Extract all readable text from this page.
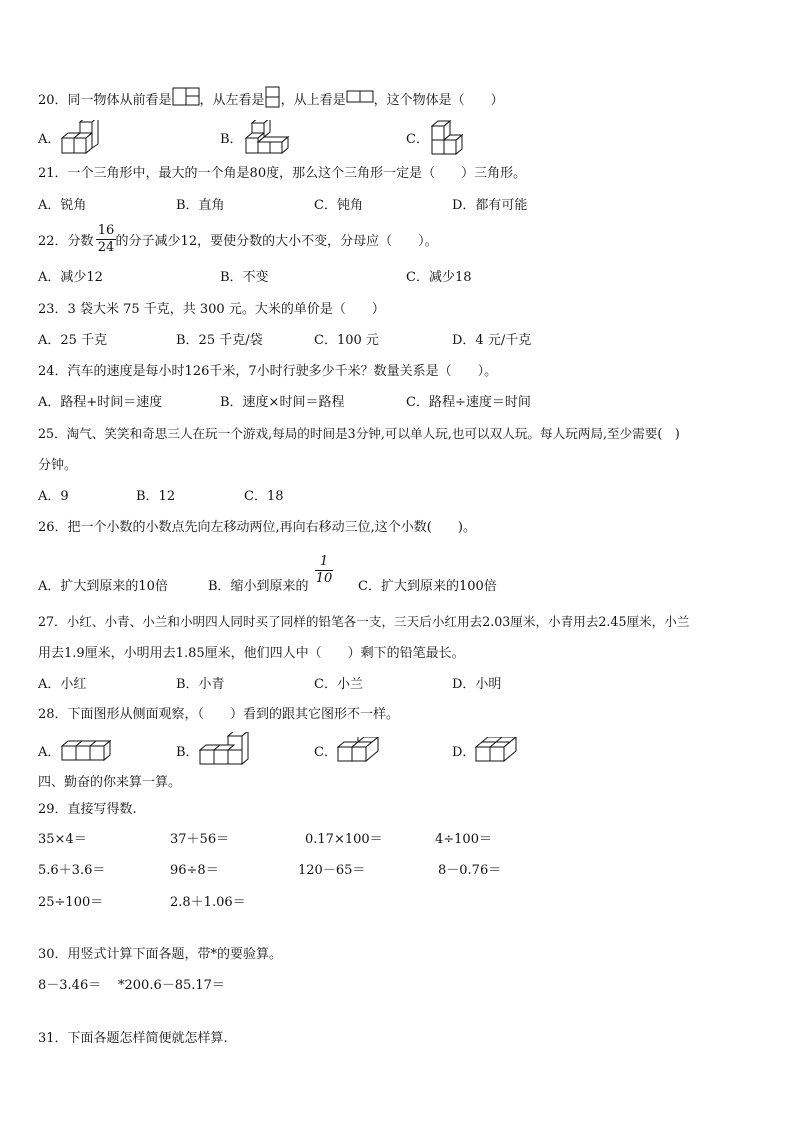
20．同一物体从前看是 ，从左看是 ，从上看是 ，这个物体是（　　）
A．	B．	C．
21．一个三角形中，最大的一个角是80度，那么这个三角形一定是（　　）三角形。
A．锐角	B．直角	C．钝角	D．都有可能
22．分数 的分子减少12，要使分数的大小不变，分母应（　　）。
16
24
A．减少12	B．不变	C．减少18
23．3 袋大米 75 千克，共 300 元。大米的单价是（　　）
A．25 千克	B．25 千克/袋	C．100 元	D．4 元/千克
24．汽车的速度是每小时126千米，7小时行驶多少千米？数量关系是（　　）。
A．路程+时间＝速度	B．速度×时间＝路程	C．路程÷速度＝时间
25．淘气、笑笑和奇思三人在玩一个游戏,每局的时间是3分钟,可以单人玩,也可以双人玩。每人玩两局,至少需要(　)
分钟。
A．9	B．12	C．18
26．把一个小数的小数点先向左移动两位,再向右移动三位,这个小数(　　)。
A．扩大到原来的10倍	B．缩小到原来的
1
10
C．扩大到原来的100倍
27．小红、小青、小兰和小明四人同时买了同样的铅笔各一支，三天后小红用去2.03厘米，小青用去2.45厘米，小兰
用去1.9厘米，小明用去1.85厘米，他们四人中（　　）剩下的铅笔最长。
A．小红	B．小青	C．小兰	D．小明
28．下面图形从侧面观察，（　　）看到的跟其它图形不一样。
A．	B．	C．	D．
四、勤奋的你来算一算。
29．直接写得数.
35×4＝	37＋56＝	0.17×100＝	4÷100＝
5.6＋3.6＝	96÷8＝	120－65＝	8－0.76＝
25÷100＝	2.8＋1.06＝
30．用竖式计算下面各题，带*的要验算。
8－3.46＝ *200.6－85.17＝
31．下面各题怎样简便就怎样算.
